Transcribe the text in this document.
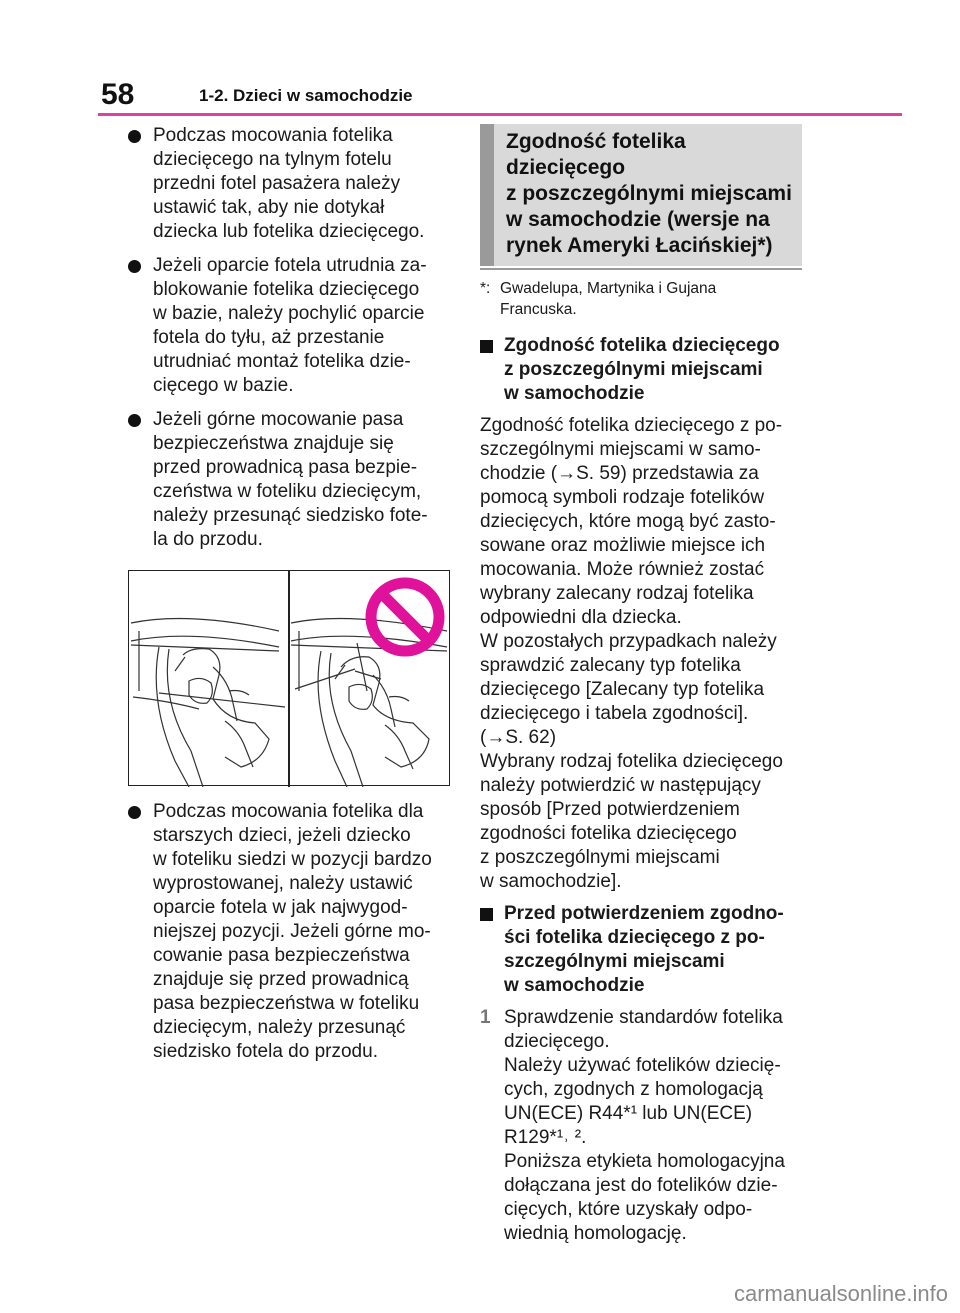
58	1-2. Dzieci w samochodzie
Podczas mocowania fotelika
dziecięcego na tylnym fotelu
przedni fotel pasażera należy
ustawić tak, aby nie dotykał
dziecka lub fotelika dziecięcego.
Jeżeli oparcie fotela utrudnia za-
blokowanie fotelika dziecięcego
w bazie, należy pochylić oparcie
fotela do tyłu, aż przestanie
utrudniać montaż fotelika dzie-
cięcego w bazie.
Jeżeli górne mocowanie pasa
bezpieczeństwa znajduje się
przed prowadnicą pasa bezpie-
czeństwa w foteliku dziecięcym,
należy przesunąć siedzisko fote-
la do przodu.
Podczas mocowania fotelika dla
starszych dzieci, jeżeli dziecko
w foteliku siedzi w pozycji bardzo
wyprostowanej, należy ustawić
oparcie fotela w jak najwygod-
niejszej pozycji. Jeżeli górne mo-
cowanie pasa bezpieczeństwa
znajduje się przed prowadnicą
pasa bezpieczeństwa w foteliku
dziecięcym, należy przesunąć
siedzisko fotela do przodu.
Zgodność fotelika dziecięcego
z poszczególnymi miejscami
w samochodzie (wersje na
rynek Ameryki Łacińskiej*)
*: Gwadelupa, Martynika i Gujana
Francuska.
Zgodność fotelika dziecięcego
z poszczególnymi miejscami
w samochodzie
Zgodność fotelika dziecięcego z po-
szczególnymi miejscami w samo-
chodzie (→S. 59) przedstawia za
pomocą symboli rodzaje fotelików
dziecięcych, które mogą być zasto-
sowane oraz możliwie miejsce ich
mocowania. Może również zostać
wybrany zalecany rodzaj fotelika
odpowiedni dla dziecka.
W pozostałych przypadkach należy
sprawdzić zalecany typ fotelika
dziecięcego [Zalecany typ fotelika
dziecięcego i tabela zgodności].
(→S. 62)
Wybrany rodzaj fotelika dziecięcego
należy potwierdzić w następujący
sposób [Przed potwierdzeniem
zgodności fotelika dziecięcego
z poszczególnymi miejscami
w samochodzie].
Przed potwierdzeniem zgodno-
ści fotelika dziecięcego z po-
szczególnymi miejscami
w samochodzie
1 Sprawdzenie standardów fotelika
dziecięcego.
Należy używać fotelików dziecię-
cych, zgodnych z homologacją
UN(ECE) R44*¹ lub UN(ECE)
R129*¹˒ ².
Poniższa etykieta homologacyjna
dołączana jest do fotelików dzie-
cięcych, które uzyskały odpo-
wiednią homologację.
carmanualsonline.info
